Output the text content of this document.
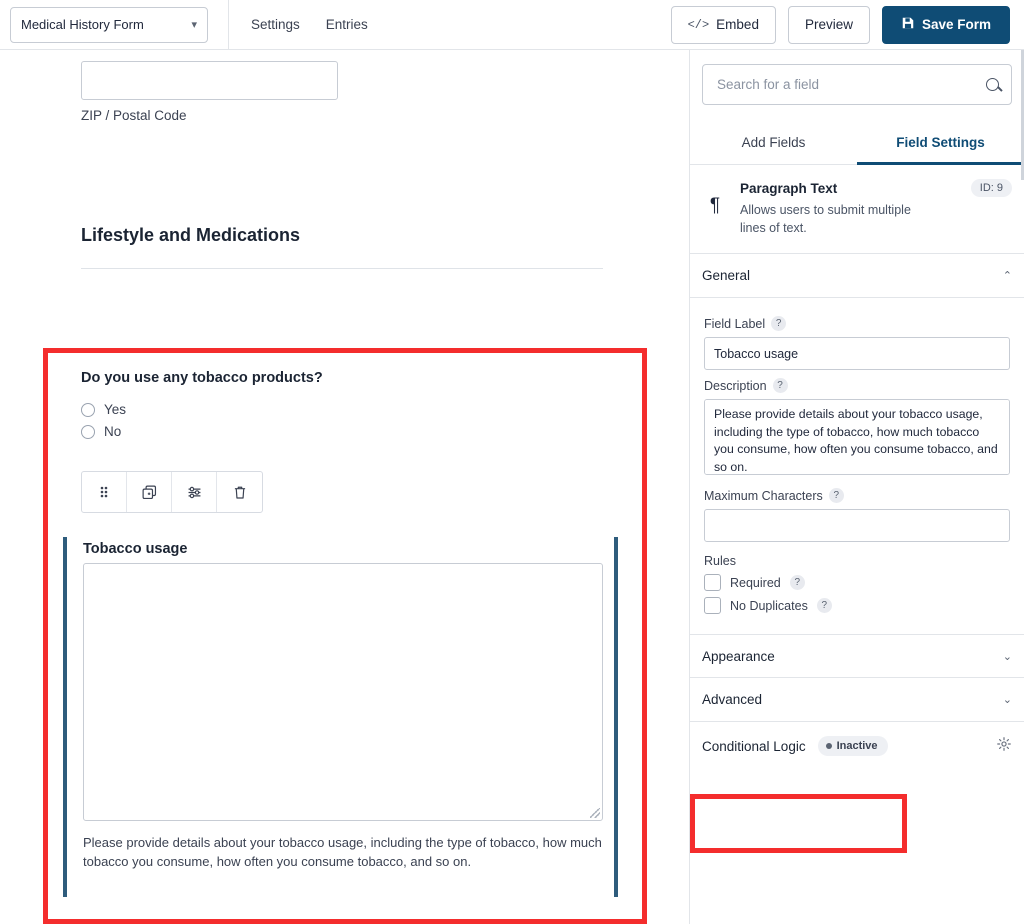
Medical History Form	▾	Settings Entries	</> Embed	Preview	Save Form
ZIP / Postal Code
Lifestyle and Medications
Do you use any tobacco products?
Yes
No
Tobacco usage
Please provide details about your tobacco usage, including the type of tobacco, how much tobacco you consume, how often you consume tobacco, and so on.
Search for a field
Add Fields	Field Settings
¶
Paragraph Text
Allows users to submit multiple lines of text.
ID: 9
General	⌃
Field Label	?
Tobacco usage
Description	?
Please provide details about your tobacco usage, including the type of tobacco, how much tobacco you consume, how often you consume tobacco, and so on.
Maximum Characters	?
Rules
Required	?
No Duplicates	?
Appearance	⌄
Advanced	⌄
Conditional Logic	Inactive
